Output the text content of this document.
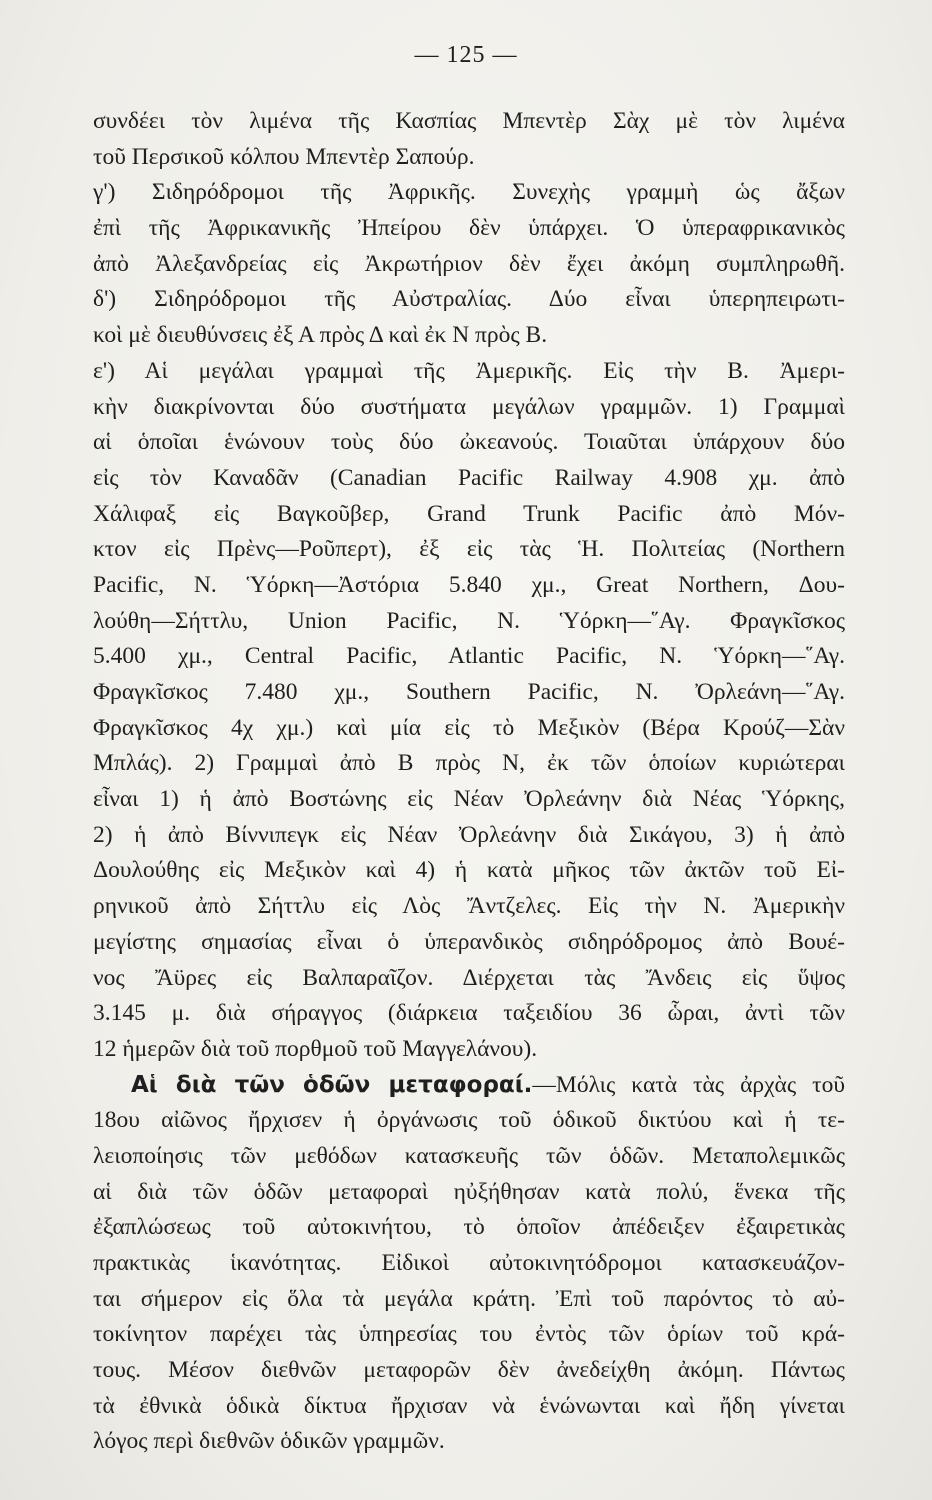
— 125 —
συνδέει τὸν λιμένα τῆς Κασπίας Μπεντὲρ Σὰχ μὲ τὸν λιμένα
τοῦ Περσικοῦ κόλπου Μπεντὲρ Σαπούρ.
γ') Σιδηρόδρομοι τῆς Ἀφρικῆς. Συνεχὴς γραμμὴ ὡς ἄξων
ἐπὶ τῆς Ἀφρικανικῆς Ἠπείρου δὲν ὑπάρχει. Ὁ ὑπεραφρικανικὸς
ἀπὸ Ἀλεξανδρείας εἰς Ἀκρωτήριον δὲν ἔχει ἀκόμη συμπληρωθῆ.
δ') Σιδηρόδρομοι τῆς Αὐστραλίας. Δύο εἶναι ὑπερηπειρωτι-
κοὶ μὲ διευθύνσεις ἐξ Α πρὸς Δ καὶ ἐκ Ν πρὸς Β.
ε') Αἱ μεγάλαι γραμμαὶ τῆς Ἀμερικῆς. Εἰς τὴν Β. Ἀμερι-
κὴν διακρίνονται δύο συστήματα μεγάλων γραμμῶν. 1) Γραμμαὶ
αἱ ὁποῖαι ἑνώνουν τοὺς δύο ὠκεανούς. Τοιαῦται ὑπάρχουν δύο
εἰς τὸν Καναδᾶν (Canadian Pacific Railway 4.908 χμ. ἀπὸ
Χάλιφαξ εἰς Βαγκοῦβερ, Grand Trunk Pacific ἀπὸ Μόν-
κτον εἰς Πρὲνς—Ροῦπερτ), ἐξ εἰς τὰς Ἡ. Πολιτείας (Northern
Pacific, N. Ὑόρκη—Ἀστόρια 5.840 χμ., Great Northern, Δου-
λούθη—Σήττλυ, Union Pacific, N. Ὑόρκη—῞Αγ. Φραγκῖσκος
5.400 χμ., Central Pacific, Atlantic Pacific, N. Ὑόρκη—῞Αγ.
Φραγκῖσκος 7.480 χμ., Southern Pacific, N. Ὀρλεάνη—῞Αγ.
Φραγκῖσκος 4χ χμ.) καὶ μία εἰς τὸ Μεξικὸν (Βέρα Κρούζ—Σὰν
Μπλάς). 2) Γραμμαὶ ἀπὸ Β πρὸς Ν, ἐκ τῶν ὁποίων κυριώτεραι
εἶναι 1) ἡ ἀπὸ Βοστώνης εἰς Νέαν Ὀρλεάνην διὰ Νέας Ὑόρκης,
2) ἡ ἀπὸ Βίννιπεγκ εἰς Νέαν Ὀρλεάνην διὰ Σικάγου, 3) ἡ ἀπὸ
Δουλούθης εἰς Μεξικὸν καὶ 4) ἡ κατὰ μῆκος τῶν ἀκτῶν τοῦ Εἰ-
ρηνικοῦ ἀπὸ Σήττλυ εἰς Λὸς Ἄντζελες. Εἰς τὴν Ν. Ἀμερικὴν
μεγίστης σημασίας εἶναι ὁ ὑπερανδικὸς σιδηρόδρομος ἀπὸ Βουέ-
νος Ἄϋρες εἰς Βαλπαραῖζον. Διέρχεται τὰς Ἄνδεις εἰς ὕψος
3.145 μ. διὰ σήραγγος (διάρκεια ταξειδίου 36 ὧραι, ἀντὶ τῶν
12 ἡμερῶν διὰ τοῦ πορθμοῦ τοῦ Μαγγελάνου).
Αἱ διὰ τῶν ὁδῶν μεταφοραί.—Μόλις κατὰ τὰς ἀρχὰς τοῦ
18ου αἰῶνος ἤρχισεν ἡ ὀργάνωσις τοῦ ὁδικοῦ δικτύου καὶ ἡ τε-
λειοποίησις τῶν μεθόδων κατασκευῆς τῶν ὁδῶν. Μεταπολεμικῶς
αἱ διὰ τῶν ὁδῶν μεταφοραὶ ηὐξήθησαν κατὰ πολύ, ἕνεκα τῆς
ἐξαπλώσεως τοῦ αὐτοκινήτου, τὸ ὁποῖον ἀπέδειξεν ἐξαιρετικὰς
πρακτικὰς ἱκανότητας. Εἰδικοὶ αὐτοκινητόδρομοι κατασκευάζον-
ται σήμερον εἰς ὅλα τὰ μεγάλα κράτη. Ἐπὶ τοῦ παρόντος τὸ αὐ-
τοκίνητον παρέχει τὰς ὑπηρεσίας του ἐντὸς τῶν ὁρίων τοῦ κρά-
τους. Μέσον διεθνῶν μεταφορῶν δὲν ἀνεδείχθη ἀκόμη. Πάντως
τὰ ἐθνικὰ ὁδικὰ δίκτυα ἤρχισαν νὰ ἑνώνωνται καὶ ἤδη γίνεται
λόγος περὶ διεθνῶν ὁδικῶν γραμμῶν.
